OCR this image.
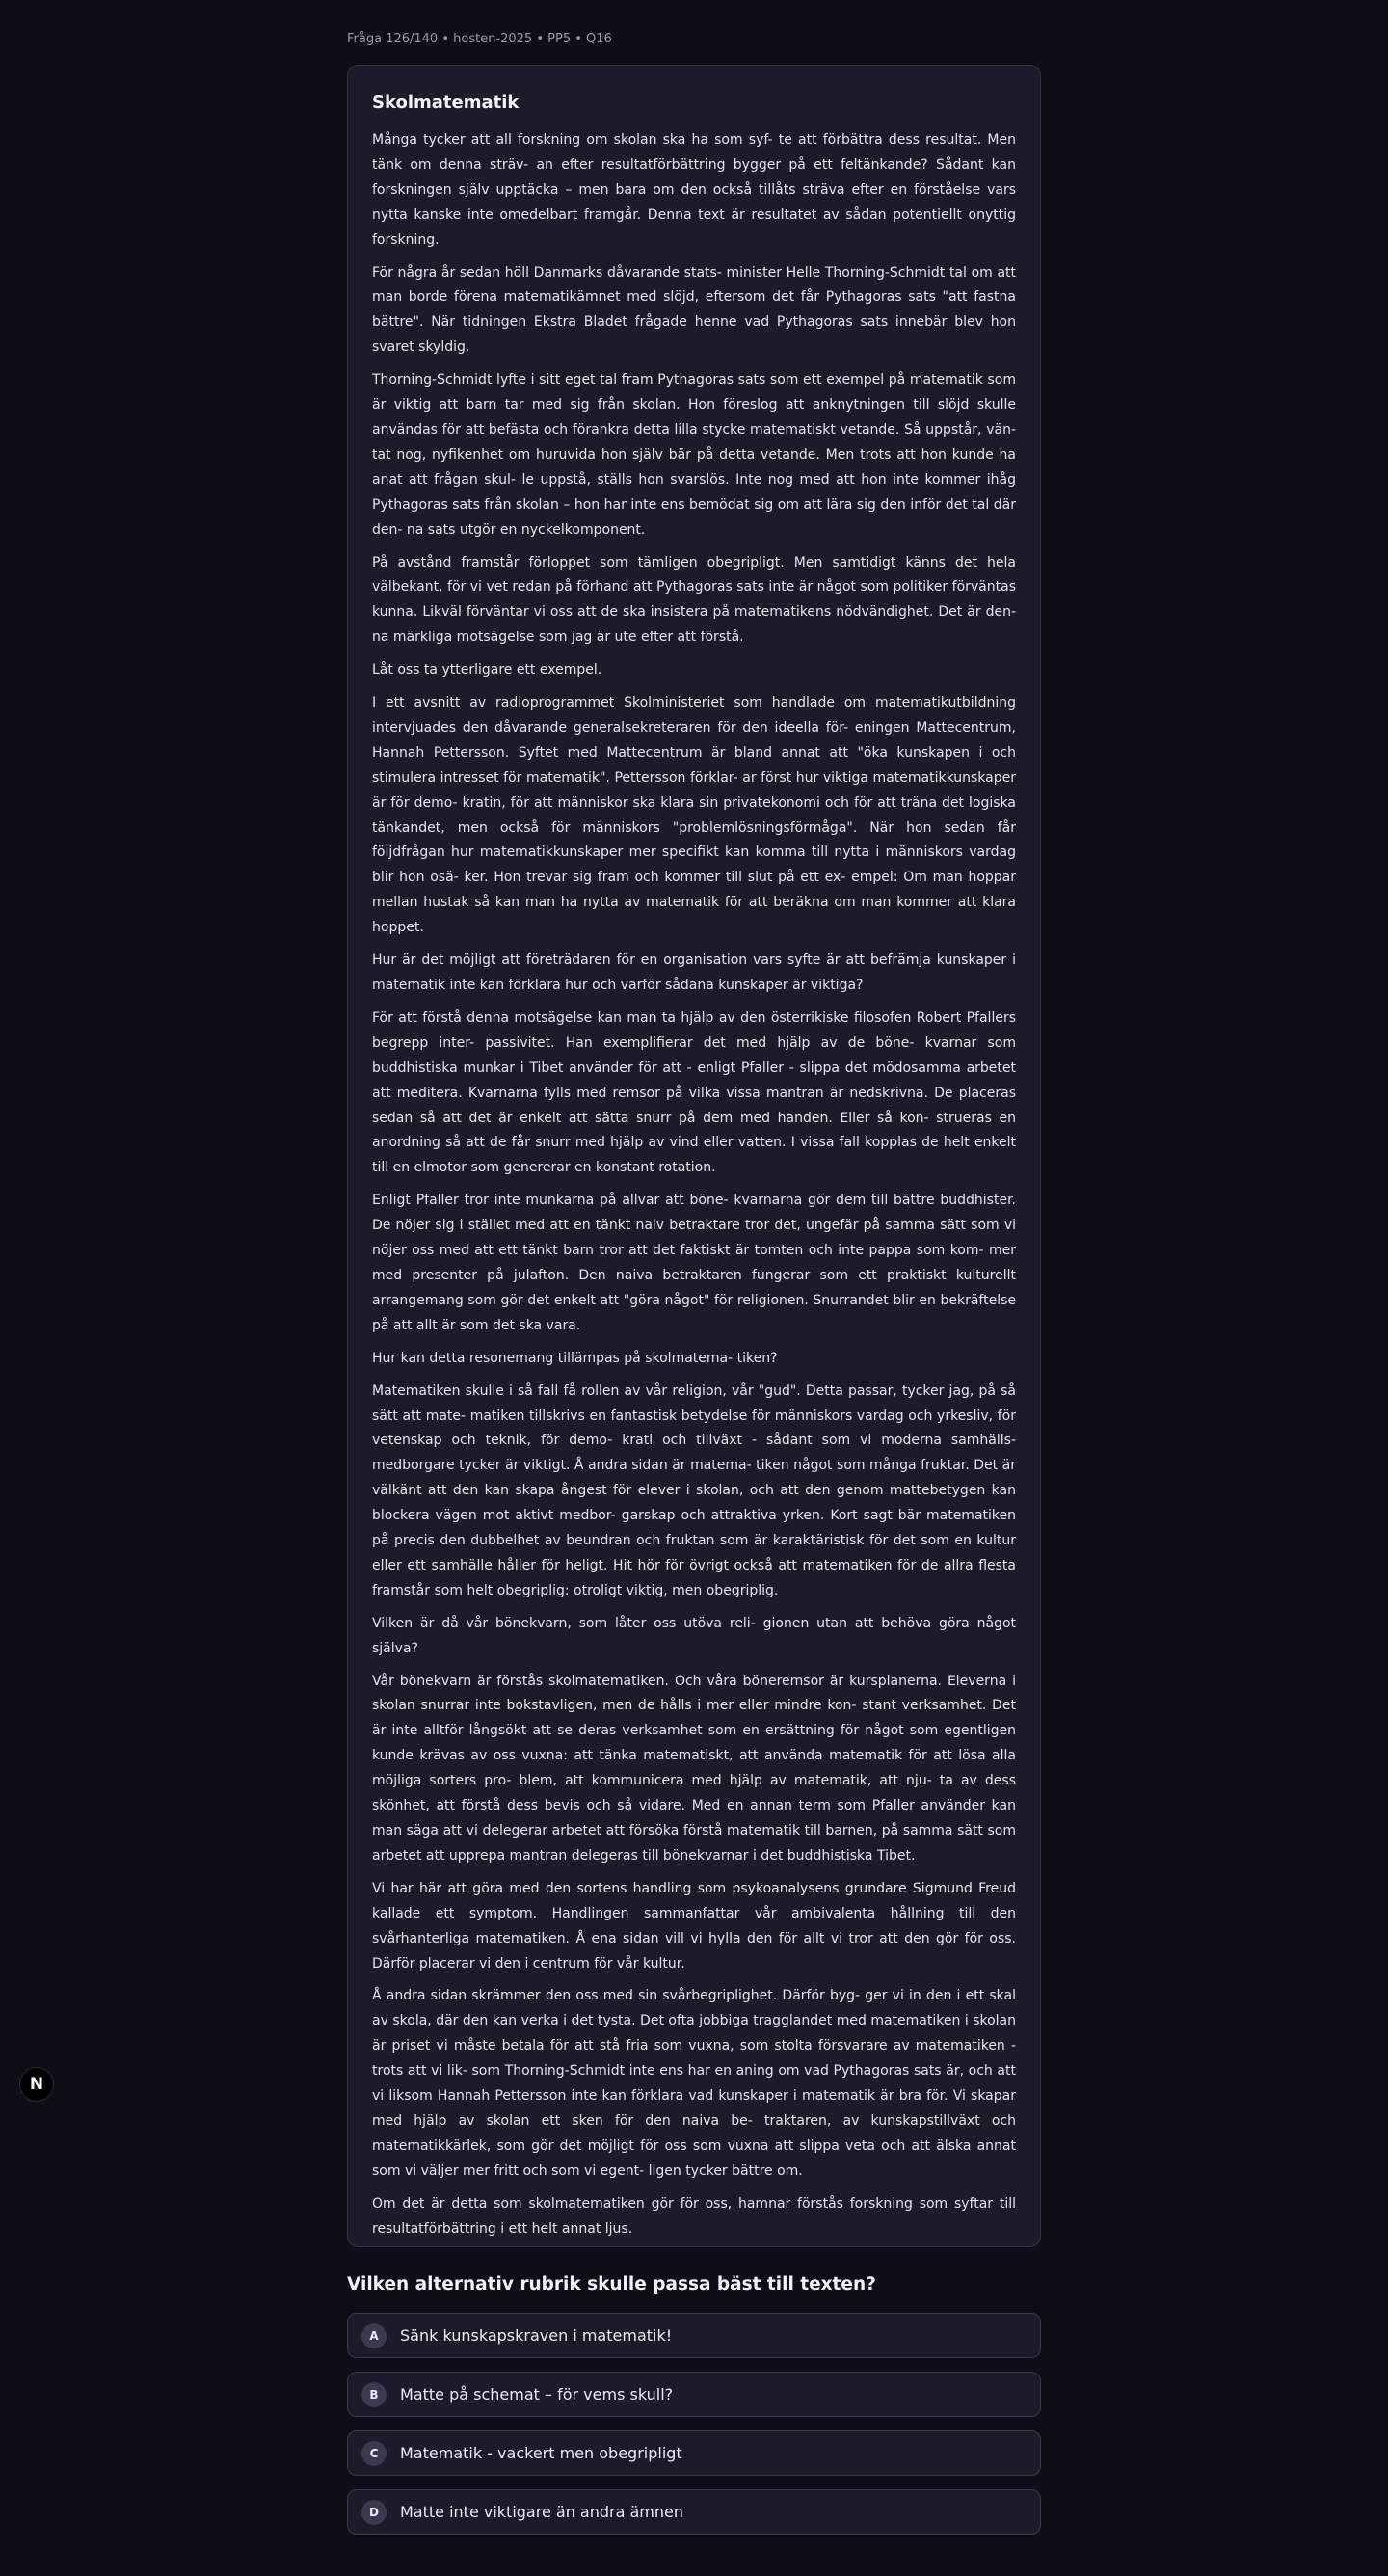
Fråga 126/140 • hosten-2025 • PP5 • Q16
Skolmatematik

Många tycker att all forskning om skolan ska ha som syf- te att förbättra dess resultat. Men tänk om denna sträv- an efter resultatförbättring bygger på ett feltänkande? Sådant kan forskningen själv upptäcka – men bara om den också tillåts sträva efter en förståelse vars nytta kanske inte omedelbart framgår. Denna text är resultatet av sådan potentiellt onyttig forskning.

För några år sedan höll Danmarks dåvarande stats- minister Helle Thorning-Schmidt tal om att man borde förena matematikämnet med slöjd, eftersom det får Pythagoras sats "att fastna bättre". När tidningen Ekstra Bladet frågade henne vad Pythagoras sats innebär blev hon svaret skyldig.

Thorning-Schmidt lyfte i sitt eget tal fram Pythagoras sats som ett exempel på matematik som är viktig att barn tar med sig från skolan. Hon föreslog att anknytningen till slöjd skulle användas för att befästa och förankra detta lilla stycke matematiskt vetande. Så uppstår, vän- tat nog, nyfikenhet om huruvida hon själv bär på detta vetande. Men trots att hon kunde ha anat att frågan skul- le uppstå, ställs hon svarslös. Inte nog med att hon inte kommer ihåg Pythagoras sats från skolan – hon har inte ens bemödat sig om att lära sig den inför det tal där den- na sats utgör en nyckelkomponent.

På avstånd framstår förloppet som tämligen obegripligt. Men samtidigt känns det hela välbekant, för vi vet redan på förhand att Pythagoras sats inte är något som politiker förväntas kunna. Likväl förväntar vi oss att de ska insistera på matematikens nödvändighet. Det är den- na märkliga motsägelse som jag är ute efter att förstå.

Låt oss ta ytterligare ett exempel.

I ett avsnitt av radioprogrammet Skolministeriet som handlade om matematikutbildning intervjuades den dåvarande generalsekreteraren för den ideella för- eningen Mattecentrum, Hannah Pettersson. Syftet med Mattecentrum är bland annat att "öka kunskapen i och stimulera intresset för matematik". Pettersson förklar- ar först hur viktiga matematikkunskaper är för demo- kratin, för att människor ska klara sin privatekonomi och för att träna det logiska tänkandet, men också för människors "problemlösningsförmåga". När hon sedan får följdfrågan hur matematikkunskaper mer specifikt kan komma till nytta i människors vardag blir hon osä- ker. Hon trevar sig fram och kommer till slut på ett ex- empel: Om man hoppar mellan hustak så kan man ha nytta av matematik för att beräkna om man kommer att klara hoppet.

Hur är det möjligt att företrädaren för en organisation vars syfte är att befrämja kunskaper i matematik inte kan förklara hur och varför sådana kunskaper är viktiga?

För att förstå denna motsägelse kan man ta hjälp av den österrikiske filosofen Robert Pfallers begrepp inter- passivitet. Han exemplifierar det med hjälp av de böne- kvarnar som buddhistiska munkar i Tibet använder för att - enligt Pfaller - slippa det mödosamma arbetet att meditera. Kvarnarna fylls med remsor på vilka vissa mantran är nedskrivna. De placeras sedan så att det är enkelt att sätta snurr på dem med handen. Eller så kon- strueras en anordning så att de får snurr med hjälp av vind eller vatten. I vissa fall kopplas de helt enkelt till en elmotor som genererar en konstant rotation.

Enligt Pfaller tror inte munkarna på allvar att böne- kvarnarna gör dem till bättre buddhister. De nöjer sig i stället med att en tänkt naiv betraktare tror det, ungefär på samma sätt som vi nöjer oss med att ett tänkt barn tror att det faktiskt är tomten och inte pappa som kom- mer med presenter på julafton. Den naiva betraktaren fungerar som ett praktiskt kulturellt arrangemang som gör det enkelt att "göra något" för religionen. Snurrandet blir en bekräftelse på att allt är som det ska vara.

Hur kan detta resonemang tillämpas på skolmatema- tiken?

Matematiken skulle i så fall få rollen av vår religion, vår "gud". Detta passar, tycker jag, på så sätt att mate- matiken tillskrivs en fantastisk betydelse för människors vardag och yrkesliv, för vetenskap och teknik, för demo- krati och tillväxt - sådant som vi moderna samhälls- medborgare tycker är viktigt. Å andra sidan är matema- tiken något som många fruktar. Det är välkänt att den kan skapa ångest för elever i skolan, och att den genom mattebetygen kan blockera vägen mot aktivt medbor- garskap och attraktiva yrken. Kort sagt bär matematiken på precis den dubbelhet av beundran och fruktan som är karaktäristisk för det som en kultur eller ett samhälle håller för heligt. Hit hör för övrigt också att matematiken för de allra flesta framstår som helt obegriplig: otroligt viktig, men obegriplig.

Vilken är då vår bönekvarn, som låter oss utöva reli- gionen utan att behöva göra något själva?

Vår bönekvarn är förstås skolmatematiken. Och våra böneremsor är kursplanerna. Eleverna i skolan snurrar inte bokstavligen, men de hålls i mer eller mindre kon- stant verksamhet. Det är inte alltför långsökt att se deras verksamhet som en ersättning för något som egentligen kunde krävas av oss vuxna: att tänka matematiskt, att använda matematik för att lösa alla möjliga sorters pro- blem, att kommunicera med hjälp av matematik, att nju- ta av dess skönhet, att förstå dess bevis och så vidare. Med en annan term som Pfaller använder kan man säga att vi delegerar arbetet att försöka förstå matematik till barnen, på samma sätt som arbetet att upprepa mantran delegeras till bönekvarnar i det buddhistiska Tibet.

Vi har här att göra med den sortens handling som psykoanalysens grundare Sigmund Freud kallade ett symptom. Handlingen sammanfattar vår ambivalenta hållning till den svårhanterliga matematiken. Å ena sidan vill vi hylla den för allt vi tror att den gör för oss. Därför placerar vi den i centrum för vår kultur.

Å andra sidan skrämmer den oss med sin svårbegriplighet. Därför byg- ger vi in den i ett skal av skola, där den kan verka i det tysta. Det ofta jobbiga tragglandet med matematiken i skolan är priset vi måste betala för att stå fria som vuxna, som stolta försvarare av matematiken - trots att vi lik- som Thorning-Schmidt inte ens har en aning om vad Pythagoras sats är, och att vi liksom Hannah Pettersson inte kan förklara vad kunskaper i matematik är bra för. Vi skapar med hjälp av skolan ett sken för den naiva be- traktaren, av kunskapstillväxt och matematikkärlek, som gör det möjligt för oss som vuxna att slippa veta och att älska annat som vi väljer mer fritt och som vi egent- ligen tycker bättre om.

Om det är detta som skolmatematiken gör för oss, hamnar förstås forskning som syftar till resultatförbättring i ett helt annat ljus.

Vilken alternativ rubrik skulle passa bäst till texten?
A	Sänk kunskapskraven i matematik!
B	Matte på schemat – för vems skull?
C	Matematik - vackert men obegripligt
D	Matte inte viktigare än andra ämnen
N
